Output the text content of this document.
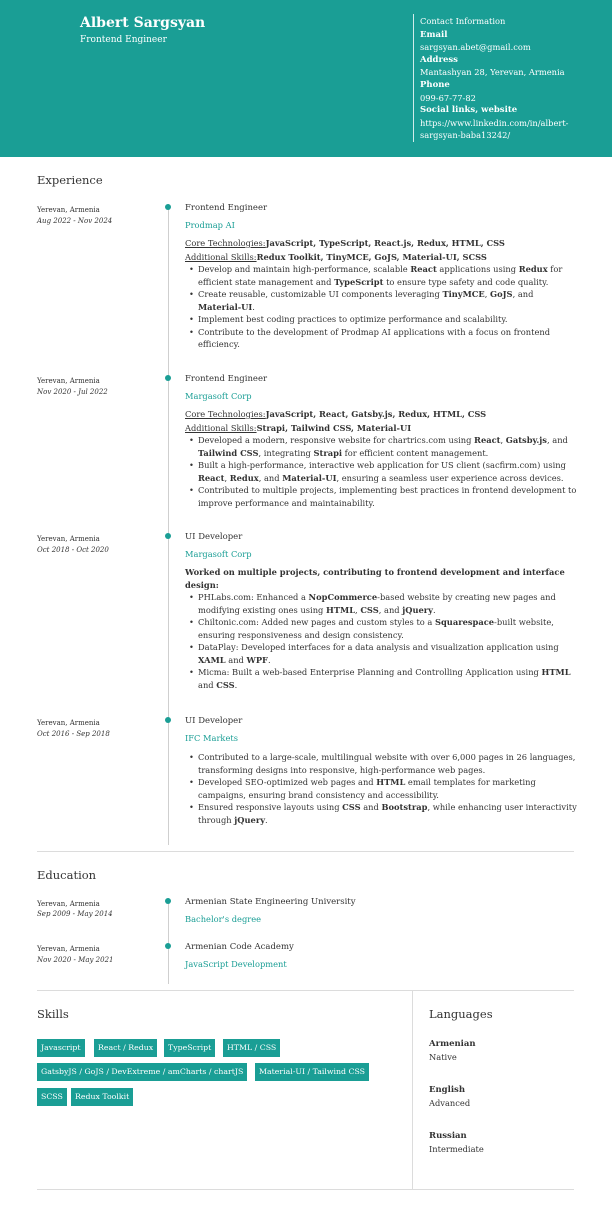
Albert Sargsyan
Frontend Engineer
Contact Information
Email
sargsyan.abet@gmail.com
Address
Mantashyan 28, Yerevan, Armenia
Phone
099-67-77-82
Social links, website
https://www.linkedin.com/in/albert-
sargsyan-baba13242/
Experience
Yerevan, Armenia
Aug 2022 - Nov 2024
Frontend Engineer
Prodmap AI
Core Technologies:JavaScript, TypeScript, React.js, Redux, HTML, CSS
Additional Skills:Redux Toolkit, TinyMCE, GoJS, Material-UI, SCSS
• Develop and maintain high-performance, scalable React applications using Redux for efficient state management and TypeScript to ensure type safety and code quality.
• Create reusable, customizable UI components leveraging TinyMCE, GoJS, and Material-UI.
• Implement best coding practices to optimize performance and scalability.
• Contribute to the development of Prodmap AI applications with a focus on frontend efficiency.
Yerevan, Armenia
Nov 2020 - Jul 2022
Frontend Engineer
Margasoft Corp
Core Technologies:JavaScript, React, Gatsby.js, Redux, HTML, CSS
Additional Skills:Strapi, Tailwind CSS, Material-UI
• Developed a modern, responsive website for chartrics.com using React, Gatsby.js, and Tailwind CSS, integrating Strapi for efficient content management.
• Built a high-performance, interactive web application for US client (sacfirm.com) using React, Redux, and Material-UI, ensuring a seamless user experience across devices.
• Contributed to multiple projects, implementing best practices in frontend development to improve performance and maintainability.
Yerevan, Armenia
Oct 2018 - Oct 2020
UI Developer
Margasoft Corp
Worked on multiple projects, contributing to frontend development and interface design:
• PHLabs.com: Enhanced a NopCommerce-based website by creating new pages and modifying existing ones using HTML, CSS, and jQuery.
• Chiltonic.com: Added new pages and custom styles to a Squarespace-built website, ensuring responsiveness and design consistency.
• DataPlay: Developed interfaces for a data analysis and visualization application using XAML and WPF.
• Micma: Built a web-based Enterprise Planning and Controlling Application using HTML and CSS.
Yerevan, Armenia
Oct 2016 - Sep 2018
UI Developer
IFC Markets
• Contributed to a large-scale, multilingual website with over 6,000 pages in 26 languages, transforming designs into responsive, high-performance web pages.
• Developed SEO-optimized web pages and HTML email templates for marketing campaigns, ensuring brand consistency and accessibility.
• Ensured responsive layouts using CSS and Bootstrap, while enhancing user interactivity through jQuery.
Education
Yerevan, Armenia
Sep 2009 - May 2014
Armenian State Engineering University
Bachelor's degree
Yerevan, Armenia
Nov 2020 - May 2021
Armenian Code Academy
JavaScript Development
Skills
Javascript	React / Redux	TypeScript	HTML / CSS
GatsbyJS / GoJS / DevExtreme / amCharts / chartJS	Material-UI / Tailwind CSS
SCSS	Redux Toolkit
Languages
Armenian
Native
English
Advanced
Russian
Intermediate
